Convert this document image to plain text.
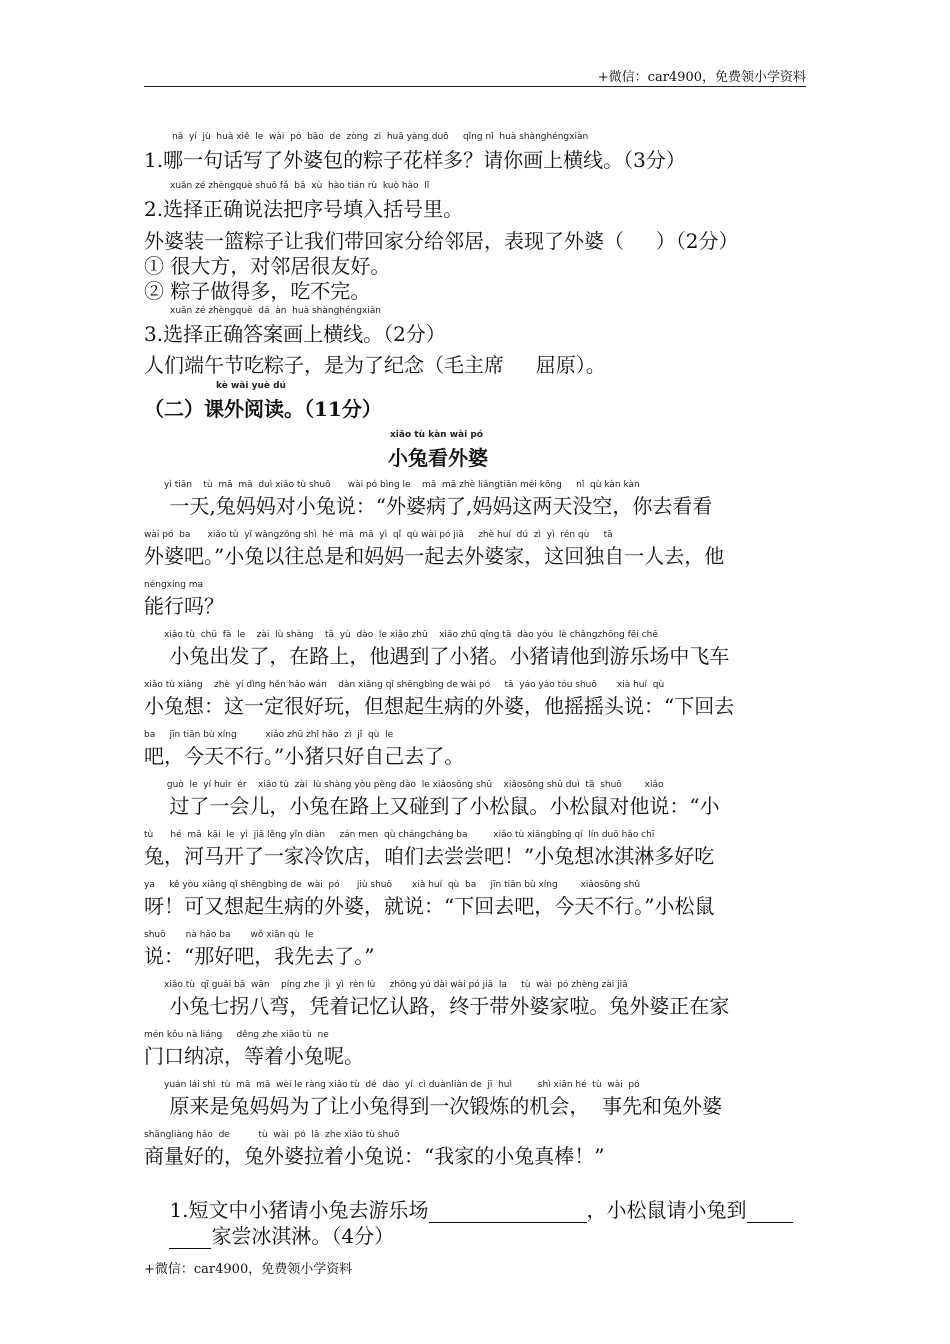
+微信：car4900，免费领小学资料
nǎ  yí  jù  huà xiě  le  wài  pó  bāo  de  zòng  zi  huā yàng duō     qǐng nǐ  huà shànghéngxiàn
1.哪一句话写了外婆包的粽子花样多？请你画上横线。（3分）
xuǎn zé zhèngquè shuō fǎ  bǎ  xù  hào tián rù  kuò hào  lǐ
2.选择正确说法把序号填入括号里。
外婆装一篮粽子让我们带回家分给邻居，表现了外婆（     ）（2分）
① 很大方，对邻居很友好。
② 粽子做得多，吃不完。
xuǎn zé zhèngquè  dá  àn  huà shànghéngxiàn
3.选择正确答案画上横线。（2分）
人们端午节吃粽子，是为了纪念（毛主席     屈原）。
kè wài yuè dú
（二）课外阅读。（11分）
xiǎo tù kàn wài pó
小兔看外婆
yì tiān    tù  mā  mā  duì xiǎo tù shuō      wài pó bìng le    mā  mā zhè liǎngtiān méi kōng     nǐ  qù kàn kàn
一天,兔妈妈对小兔说：“外婆病了,妈妈这两天没空，你去看看
wài pó  ba      xiǎo tù  yǐ wǎngzǒng shì  hé  mā  mā  yì  qǐ  qù wài pó jiā     zhè huí  dú  zì  yì  rén qù     tā
外婆吧。”小兔以往总是和妈妈一起去外婆家，这回独自一人去，他
néngxíng ma
能行吗？
xiǎo tù  chū  fā  le    zài  lù shàng    tā  yù  dào  le xiǎo zhū    xiǎo zhū qǐng tā  dào yóu  lè chǎngzhōng fēi chē
小兔出发了，在路上，他遇到了小猪。小猪请他到游乐场中飞车
xiǎo tù xiǎng    zhè  yí dìng hěn hǎo wán    dàn xiǎng qǐ shēngbìng de wài pó     tā  yáo yáo tóu shuō       xià huí  qù
小兔想：这一定很好玩，但想起生病的外婆，他摇摇头说：“下回去
ba     jīn tiān bù xíng          xiǎo zhū zhǐ hǎo  zì  jǐ  qù  le
吧，今天不行。”小猪只好自己去了。
guò  le  yí huìr  ér    xiǎo tù  zài  lù shàng yòu pèng dào  le xiǎosōng shǔ    xiǎosōng shǔ duì  tā  shuō        xiǎo
过了一会儿，小兔在路上又碰到了小松鼠。小松鼠对他说：“小
tù      hé  mǎ  kāi  le  yì  jiā lěng yǐn diàn     zán men  qù chángcháng ba         xiǎo tù xiǎngbīng qí  lín duō hǎo chī
兔，河马开了一家冷饮店，咱们去尝尝吧！”小兔想冰淇淋多好吃
ya     kě yòu xiǎng qǐ shēngbìng de  wài  pó      jiù shuō       xià huí  qù  ba     jīn tiān bù xíng        xiǎosōng shǔ
呀！可又想起生病的外婆，就说：“下回去吧，今天不行。”小松鼠
shuō       nà hǎo ba       wǒ xiān qù  le
说：“那好吧，我先去了。”
xiǎo tù  qī guǎi bā  wān    píng zhe  jì  yì  rèn lù     zhōng yú dài wài pó jiā  la     tù  wài  pó zhèng zài jiā
小兔七拐八弯，凭着记忆认路，终于带外婆家啦。兔外婆正在家
mén kǒu nà liáng     děng zhe xiǎo tù  ne
门口纳凉，等着小兔呢。
yuán lái shì  tù  mā  mā  wèi le ràng xiǎo tù  dé  dào  yí  cì duànliàn de  jī  huì         shì xiān hé  tù  wài  pó
原来是兔妈妈为了让小兔得到一次锻炼的机会，  事先和兔外婆
shāngliàng hǎo  de          tù  wài  pó  lā  zhe xiǎo tù shuō
商量好的，兔外婆拉着小兔说：“我家的小兔真棒！”

1.短文中小猪请小兔去游乐场	，小松鼠请小兔到

家尝冰淇淋。（4分）

+微信：car4900，免费领小学资料
